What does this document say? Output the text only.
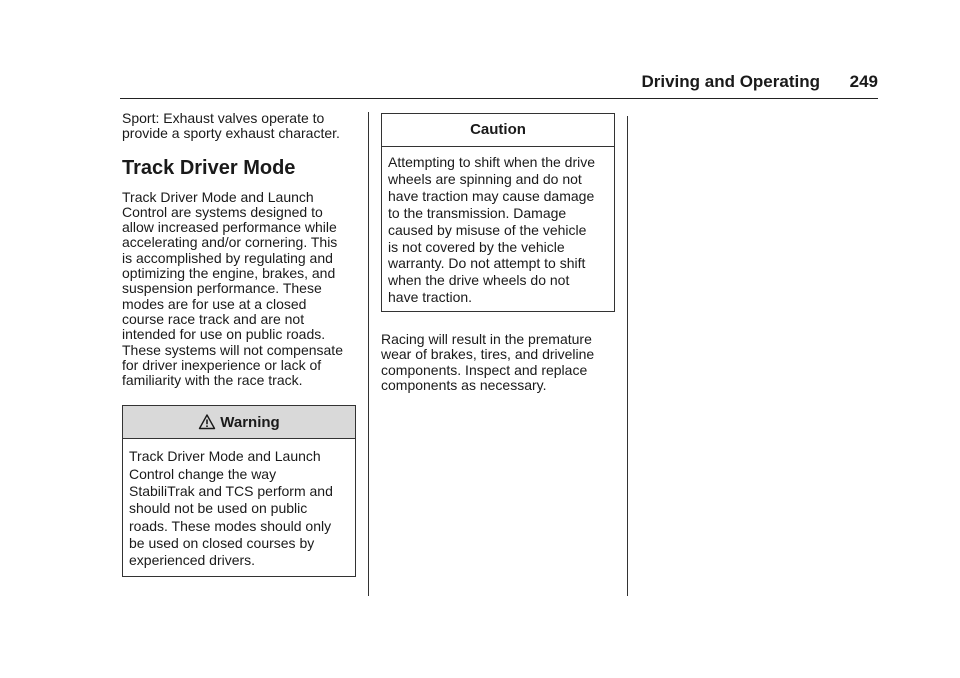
Driving and Operating	249

Sport: Exhaust valves operate to
provide a sporty exhaust character.

Track Driver Mode

Track Driver Mode and Launch
Control are systems designed to
allow increased performance while
accelerating and/or cornering. This
is accomplished by regulating and
optimizing the engine, brakes, and
suspension performance. These
modes are for use at a closed
course race track and are not
intended for use on public roads.
These systems will not compensate
for driver inexperience or lack of
familiarity with the race track.

Warning

Track Driver Mode and Launch
Control change the way
StabiliTrak and TCS perform and
should not be used on public
roads. These modes should only
be used on closed courses by
experienced drivers.

Caution

Attempting to shift when the drive
wheels are spinning and do not
have traction may cause damage
to the transmission. Damage
caused by misuse of the vehicle
is not covered by the vehicle
warranty. Do not attempt to shift
when the drive wheels do not
have traction.

Racing will result in the premature
wear of brakes, tires, and driveline
components. Inspect and replace
components as necessary.
